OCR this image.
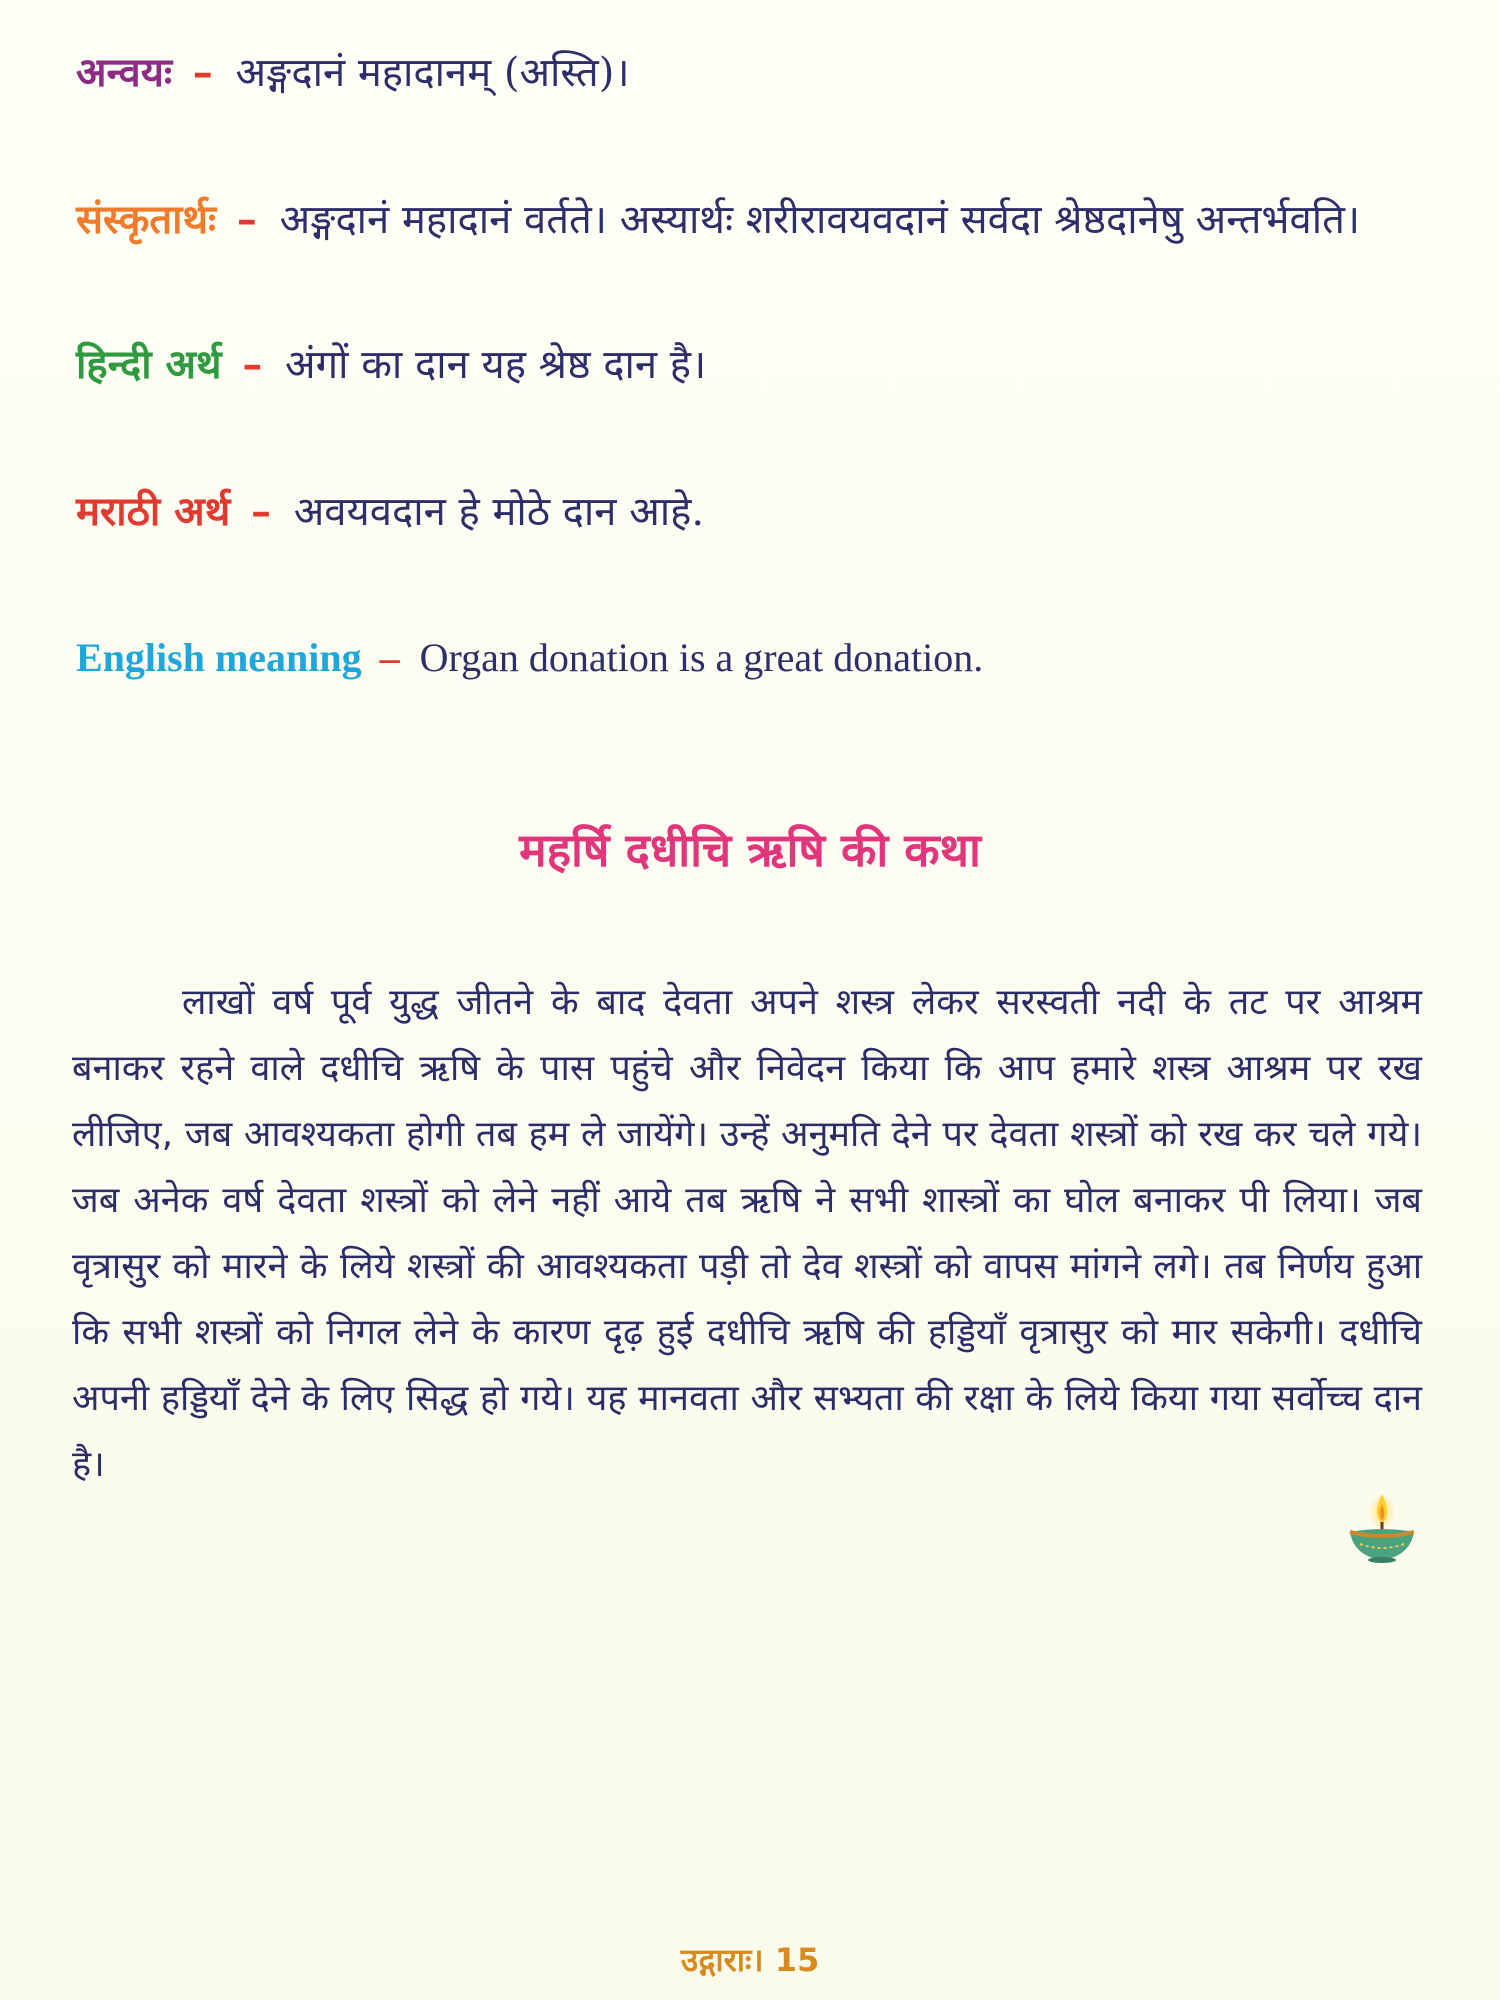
अन्वयः – अङ्गदानं महादानम् (अस्ति)।
संस्कृतार्थः – अङ्गदानं महादानं वर्तते। अस्यार्थः शरीरावयवदानं सर्वदा श्रेष्ठदानेषु अन्तर्भवति।
हिन्दी अर्थ – अंगों का दान यह श्रेष्ठ दान है।
मराठी अर्थ – अवयवदान हे मोठे दान आहे.
English meaning – Organ donation is a great donation.
महर्षि दधीचि ऋषि की कथा
लाखों वर्ष पूर्व युद्ध जीतने के बाद देवता अपने शस्त्र लेकर सरस्वती नदी के तट पर आश्रम बनाकर रहने वाले दधीचि ऋषि के पास पहुंचे और निवेदन किया कि आप हमारे शस्त्र आश्रम पर रख लीजिए, जब आवश्यकता होगी तब हम ले जायेंगे। उन्हें अनुमति देने पर देवता शस्त्रों को रख कर चले गये। जब अनेक वर्ष देवता शस्त्रों को लेने नहीं आये तब ऋषि ने सभी शास्त्रों का घोल बनाकर पी लिया। जब वृत्रासुर को मारने के लिये शस्त्रों की आवश्यकता पड़ी तो देव शस्त्रों को वापस मांगने लगे। तब निर्णय हुआ कि सभी शस्त्रों को निगल लेने के कारण दृढ़ हुई दधीचि ऋषि की हड्डियाँ वृत्रासुर को मार सकेगी। दधीचि अपनी हड्डियाँ देने के लिए सिद्ध हो गये। यह मानवता और सभ्यता की रक्षा के लिये किया गया सर्वोच्च दान है।
उद्गाराः। 15
